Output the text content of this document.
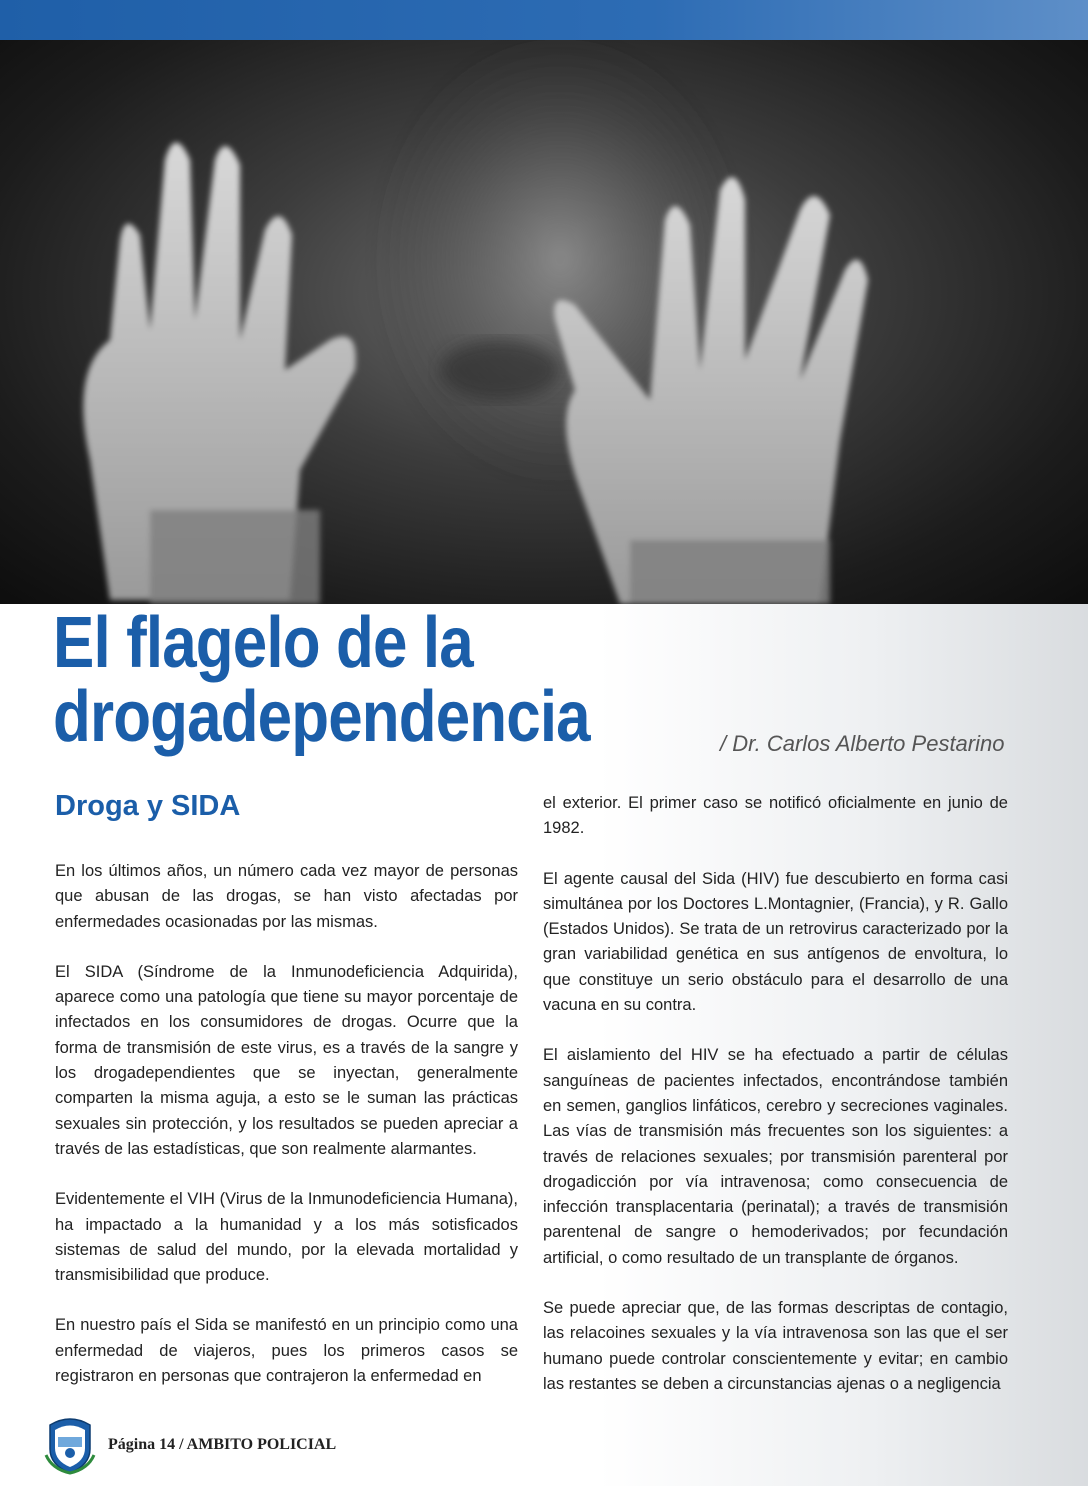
El flagelo de la
drogadependencia	/ Dr. Carlos Alberto Pestarino
Droga y SIDA

En los últimos años, un número cada vez mayor de personas que abusan de las drogas, se han visto afectadas por enfermedades ocasionadas por las mismas.

El SIDA (Síndrome de la Inmunodeficiencia Adquirida), aparece como una patología que tiene su mayor porcentaje de infectados en los consumidores de drogas. Ocurre que la forma de transmisión de este virus, es a través de la sangre y los drogadependientes que se inyectan, generalmente comparten la misma aguja, a esto se le suman las prácticas sexuales sin protección, y los resultados se pueden apreciar a través de las estadísticas, que son realmente alarmantes.

Evidentemente el VIH (Virus de la Inmunodeficiencia Humana), ha impactado a la humanidad y a los más sotisficados sistemas de salud del mundo, por la elevada mortalidad y transmisibilidad que produce.

En nuestro país el Sida se manifestó en un principio como una enfermedad de viajeros, pues los primeros casos se registraron en personas que contrajeron la enfermedad en

el exterior. El primer caso se notificó oficialmente en junio de 1982.

El agente causal del Sida (HIV) fue descubierto en forma casi simultánea por los Doctores L.Montagnier, (Francia), y R. Gallo (Estados Unidos). Se trata de un retrovirus caracterizado por la gran variabilidad genética en sus antígenos de envoltura, lo que constituye un serio obstáculo para el desarrollo de una vacuna en su contra.

El aislamiento del HIV se ha efectuado a partir de células sanguíneas de pacientes infectados, encontrándose también en semen, ganglios linfáticos, cerebro y secreciones vaginales. Las vías de transmisión más frecuentes son los siguientes: a través de relaciones sexuales; por transmisión parenteral por drogadicción por vía intravenosa; como consecuencia de infección transplacentaria (perinatal); a través de transmisión parentenal de sangre o hemoderivados; por fecundación artificial, o como resultado de un transplante de órganos.

Se puede apreciar que, de las formas descriptas de contagio, las relacoines sexuales y la vía intravenosa son las que el ser humano puede controlar conscientemente y evitar; en cambio las restantes se deben a circunstancias ajenas o a negligencia

Página 14 / AMBITO POLICIAL
